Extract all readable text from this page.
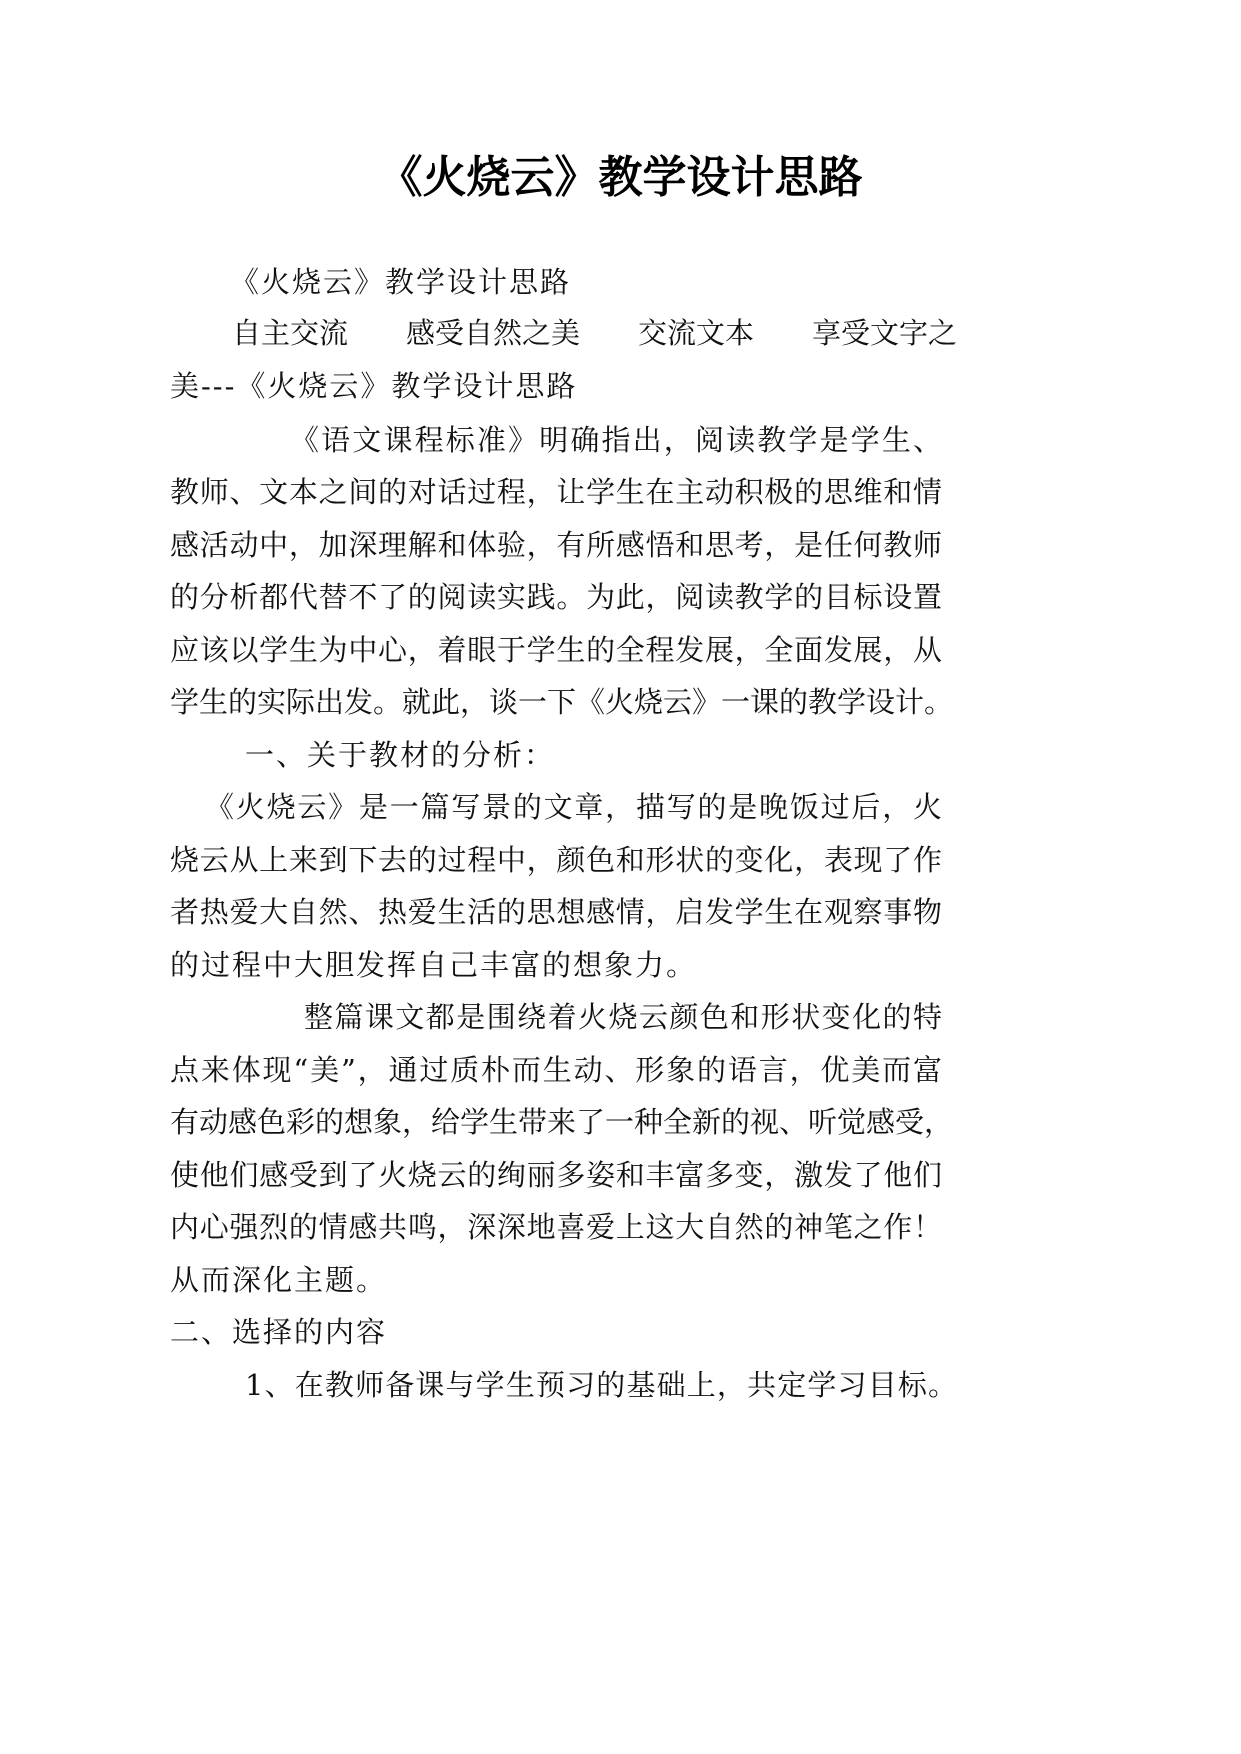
《火烧云》教学设计思路

《火烧云》教学设计思路

自主交流　　感受自然之美　　交流文本　　享受文字之

美---《火烧云》教学设计思路

《语文课程标准》明确指出，阅读教学是学生、

教师、文本之间的对话过程，让学生在主动积极的思维和情

感活动中，加深理解和体验，有所感悟和思考，是任何教师

的分析都代替不了的阅读实践。为此，阅读教学的目标设置

应该以学生为中心，着眼于学生的全程发展，全面发展，从

学生的实际出发。就此，谈一下《火烧云》一课的教学设计。

一、关于教材的分析：

《火烧云》是一篇写景的文章，描写的是晚饭过后，火

烧云从上来到下去的过程中，颜色和形状的变化，表现了作

者热爱大自然、热爱生活的思想感情，启发学生在观察事物

的过程中大胆发挥自己丰富的想象力。

整篇课文都是围绕着火烧云颜色和形状变化的特

点来体现“美”，通过质朴而生动、形象的语言，优美而富

有动感色彩的想象，给学生带来了一种全新的视、听觉感受，

使他们感受到了火烧云的绚丽多姿和丰富多变，激发了他们

内心强烈的情感共鸣，深深地喜爱上这大自然的神笔之作！

从而深化主题。

二、选择的内容

1、在教师备课与学生预习的基础上，共定学习目标。
